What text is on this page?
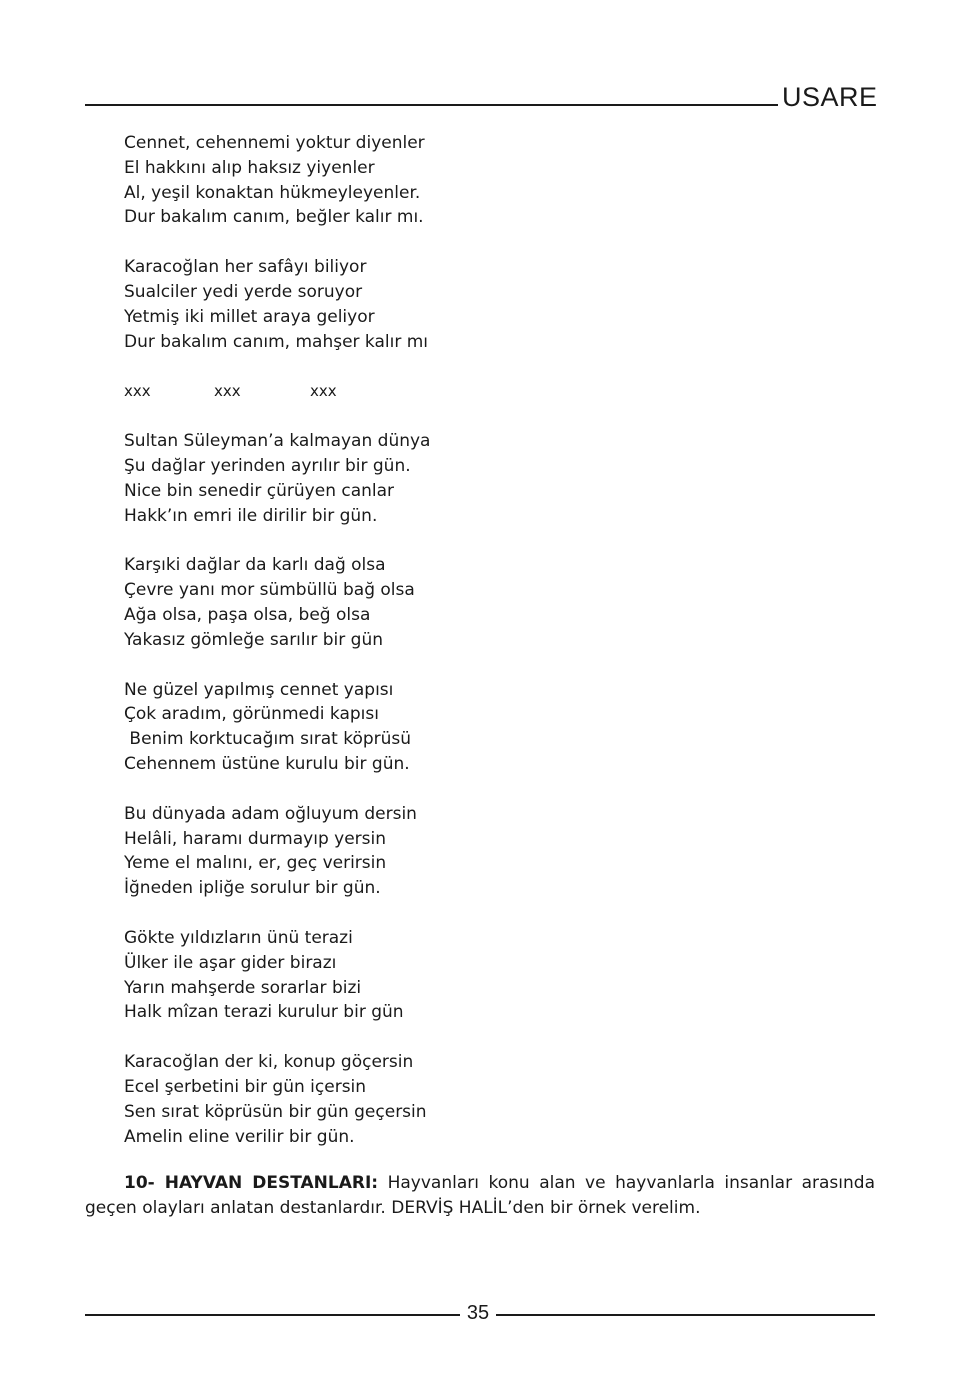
USARE
Cennet, cehennemi yoktur diyenler
El hakkını alıp haksız yiyenler
Al, yeşil konaktan hükmeyleyenler.
Dur bakalım canım, beğler kalır mı.
Karacoğlan her safâyı biliyor
Sualciler yedi yerde soruyor
Yetmiş iki millet araya geliyor
Dur bakalım canım, mahşer kalır mı
xxx	xxx	xxx
Sultan Süleyman’a kalmayan dünya
Şu dağlar yerinden ayrılır bir gün.
Nice bin senedir çürüyen canlar
Hakk’ın emri ile dirilir bir gün.
Karşıki dağlar da karlı dağ olsa
Çevre yanı mor sümbüllü bağ olsa
Ağa olsa, paşa olsa, beğ olsa
Yakasız gömleğe sarılır bir gün
Ne güzel yapılmış cennet yapısı
Çok aradım, görünmedi kapısı
Benim korktucağım sırat köprüsü
Cehennem üstüne kurulu bir gün.
Bu dünyada adam oğluyum dersin
Helâli, haramı durmayıp yersin
Yeme el malını, er, geç verirsin
İğneden ipliğe sorulur bir gün.
Gökte yıldızların ünü terazi
Ülker ile aşar gider birazı
Yarın mahşerde sorarlar bizi
Halk mîzan terazi kurulur bir gün
Karacoğlan der ki, konup göçersin
Ecel şerbetini bir gün içersin
Sen sırat köprüsün bir gün geçersin
Amelin eline verilir bir gün.
10- HAYVAN DESTANLARI: Hayvanları konu alan ve hayvanlarla insanlar arasında geçen olayları anlatan destanlardır. DERVİŞ HALİL’den bir örnek verelim.
35
